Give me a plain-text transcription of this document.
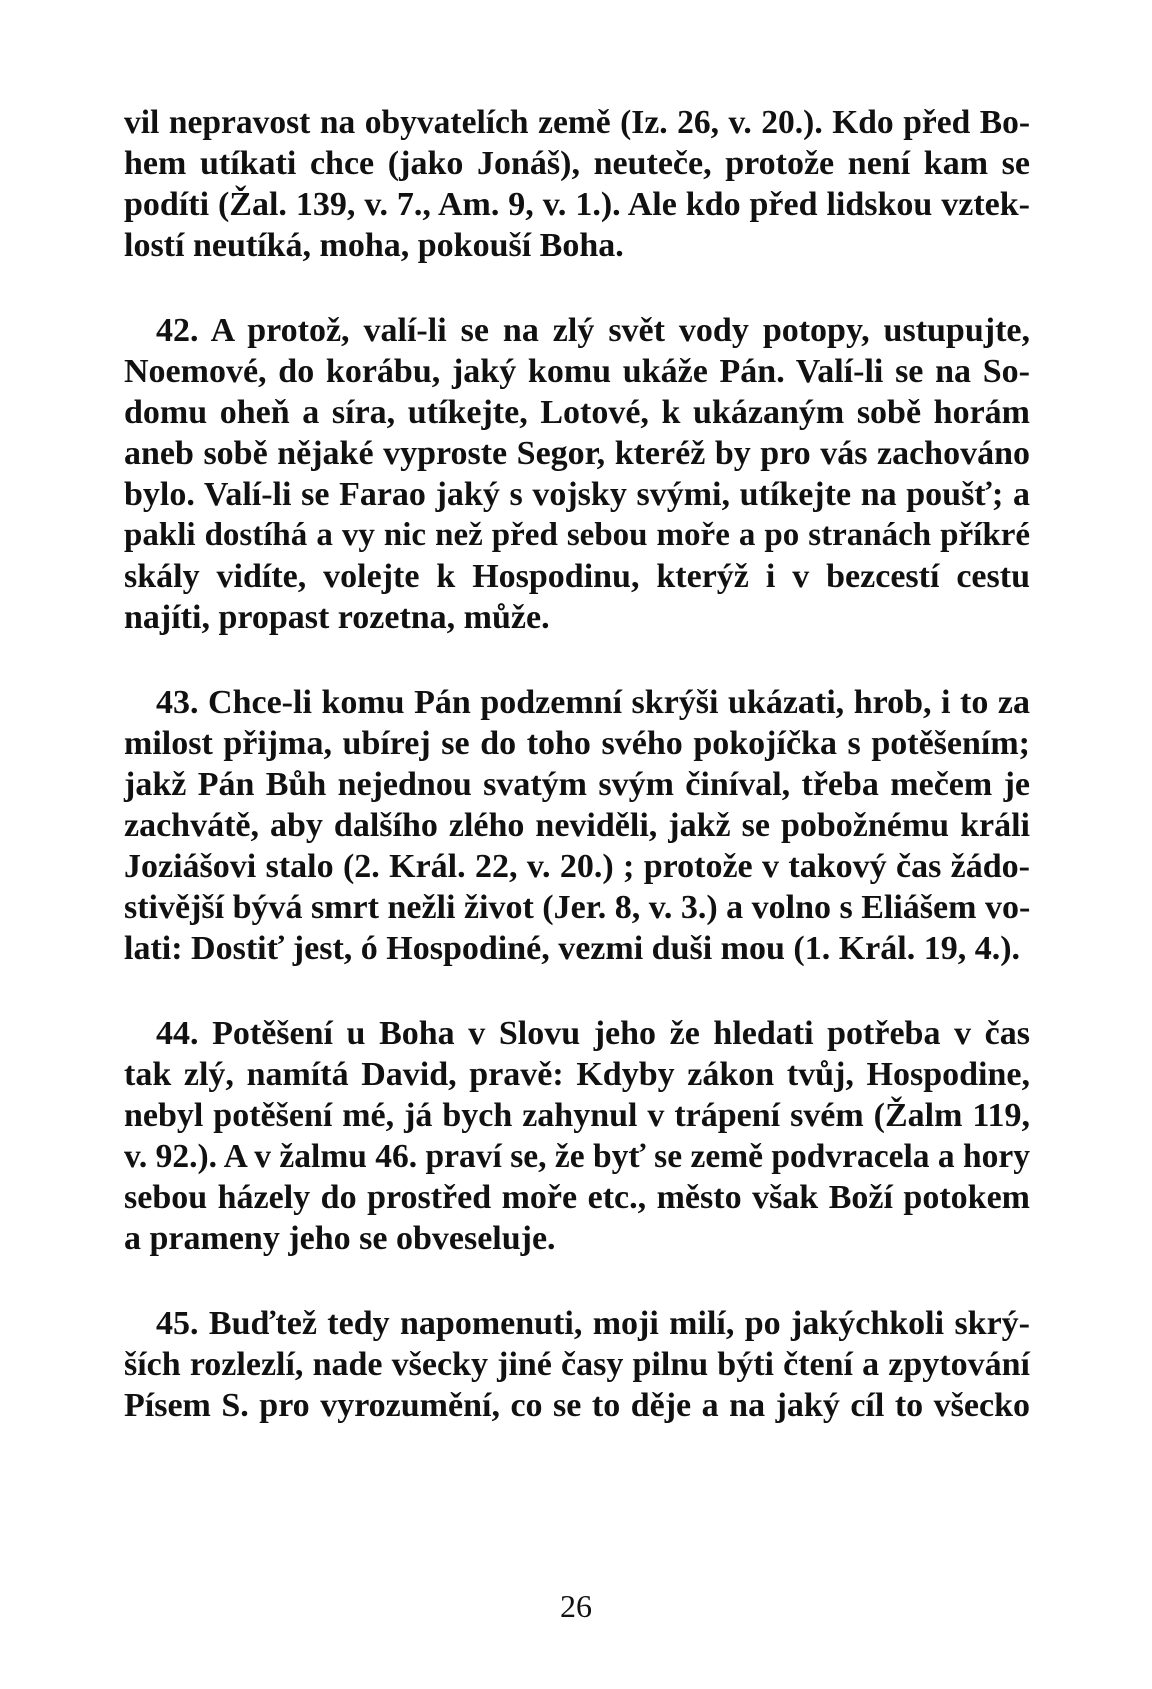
vil nepravost na obyvatelích země (Iz. 26, v. 20.). Kdo před Bo-
hem utíkati chce (jako Jonáš), neuteče, protože není kam se
podíti (Žal. 139, v. 7., Am. 9, v. 1.). Ale kdo před lidskou vztek-
lostí neutíká, moha, pokouší Boha.
42. A protož, valí-li se na zlý svět vody potopy, ustupujte,
Noemové, do korábu, jaký komu ukáže Pán. Valí-li se na So-
domu oheň a síra, utíkejte, Lotové, k ukázaným sobě horám
aneb sobě nějaké vyproste Segor, kteréž by pro vás zachováno
bylo. Valí-li se Farao jaký s vojsky svými, utíkejte na poušť; a
pakli dostíhá a vy nic než před sebou moře a po stranách příkré
skály vidíte, volejte k Hospodinu, kterýž i v bezcestí cestu
najíti, propast rozetna, může.
43. Chce-li komu Pán podzemní skrýši ukázati, hrob, i to za
milost přijma, ubírej se do toho svého pokojíčka s potěšením;
jakž Pán Bůh nejednou svatým svým činíval, třeba mečem je
zachvátě, aby dalšího zlého neviděli, jakž se pobožnému králi
Joziášovi stalo (2. Král. 22, v. 20.) ; protože v takový čas žádo-
stivější bývá smrt nežli život (Jer. 8, v. 3.) a volno s Eliášem vo-
lati: Dostiť jest, ó Hospodiné, vezmi duši mou (1. Král. 19, 4.).
44. Potěšení u Boha v Slovu jeho že hledati potřeba v čas
tak zlý, namítá David, pravě: Kdyby zákon tvůj, Hospodine,
nebyl potěšení mé, já bych zahynul v trápení svém (Žalm 119,
v. 92.). A v žalmu 46. praví se, že byť se země podvracela a hory
sebou házely do prostřed moře etc., město však Boží potokem
a prameny jeho se obveseluje.
45. Buďtež tedy napomenuti, moji milí, po jakýchkoli skrý-
ších rozlezlí, nade všecky jiné časy pilnu býti čtení a zpytování
Písem S. pro vyrozumění, co se to děje a na jaký cíl to všecko
26
